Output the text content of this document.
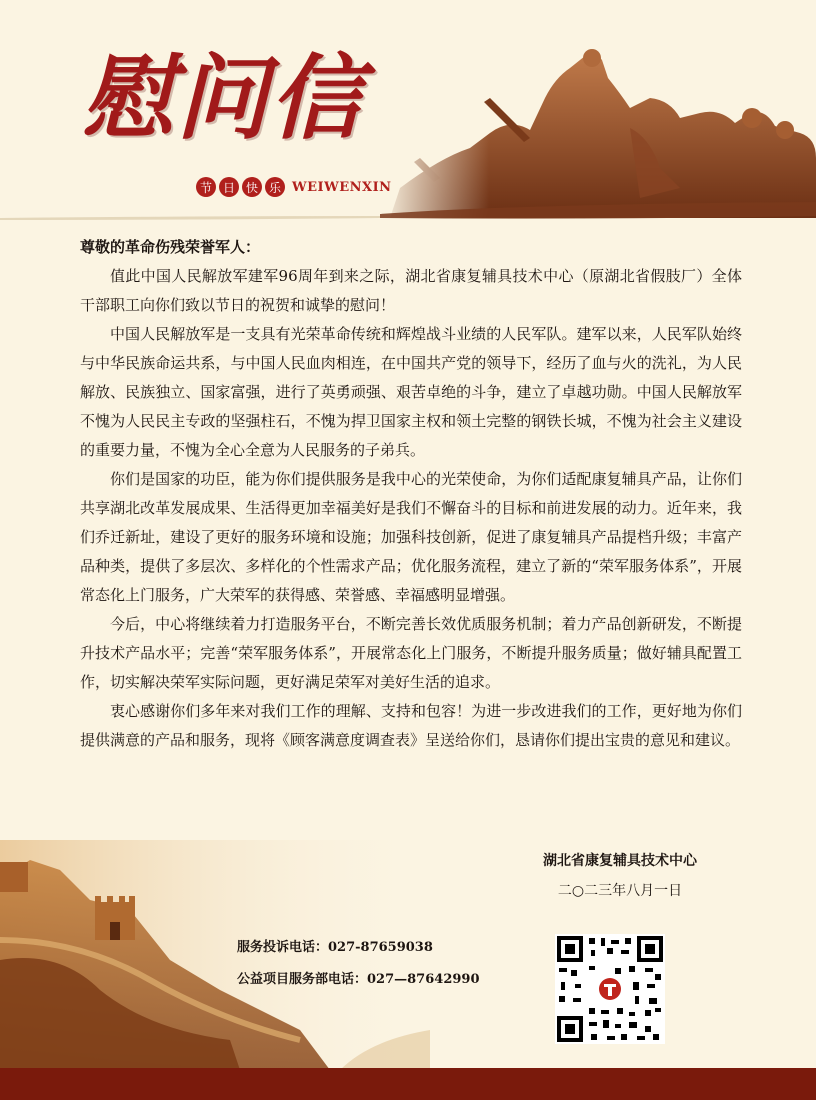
慰问信
节 日 快 乐 WEIWENXIN

尊敬的革命伤残荣誉军人：

值此中国人民解放军建军96周年到来之际，湖北省康复辅具技术中心（原湖北省假肢厂）全体干部职工向你们致以节日的祝贺和诚挚的慰问！

中国人民解放军是一支具有光荣革命传统和辉煌战斗业绩的人民军队。建军以来，人民军队始终与中华民族命运共系，与中国人民血肉相连，在中国共产党的领导下，经历了血与火的洗礼，为人民解放、民族独立、国家富强，进行了英勇顽强、艰苦卓绝的斗争，建立了卓越功勋。中国人民解放军不愧为人民民主专政的坚强柱石，不愧为捍卫国家主权和领土完整的钢铁长城，不愧为社会主义建设的重要力量，不愧为全心全意为人民服务的子弟兵。

你们是国家的功臣，能为你们提供服务是我中心的光荣使命，为你们适配康复辅具产品，让你们共享湖北改革发展成果、生活得更加幸福美好是我们不懈奋斗的目标和前进发展的动力。近年来，我们乔迁新址，建设了更好的服务环境和设施；加强科技创新，促进了康复辅具产品提档升级；丰富产品种类，提供了多层次、多样化的个性需求产品；优化服务流程，建立了新的“荣军服务体系”，开展常态化上门服务，广大荣军的获得感、荣誉感、幸福感明显增强。

今后，中心将继续着力打造服务平台，不断完善长效优质服务机制；着力产品创新研发，不断提升技术产品水平；完善“荣军服务体系”，开展常态化上门服务，不断提升服务质量；做好辅具配置工作，切实解决荣军实际问题，更好满足荣军对美好生活的追求。

衷心感谢你们多年来对我们工作的理解、支持和包容！为进一步改进我们的工作，更好地为你们提供满意的产品和服务，现将《顾客满意度调查表》呈送给你们，恳请你们提出宝贵的意见和建议。

湖北省康复辅具技术中心
二○二三年八月一日
服务投诉电话：027-87659038
公益项目服务部电话：027—87642990
